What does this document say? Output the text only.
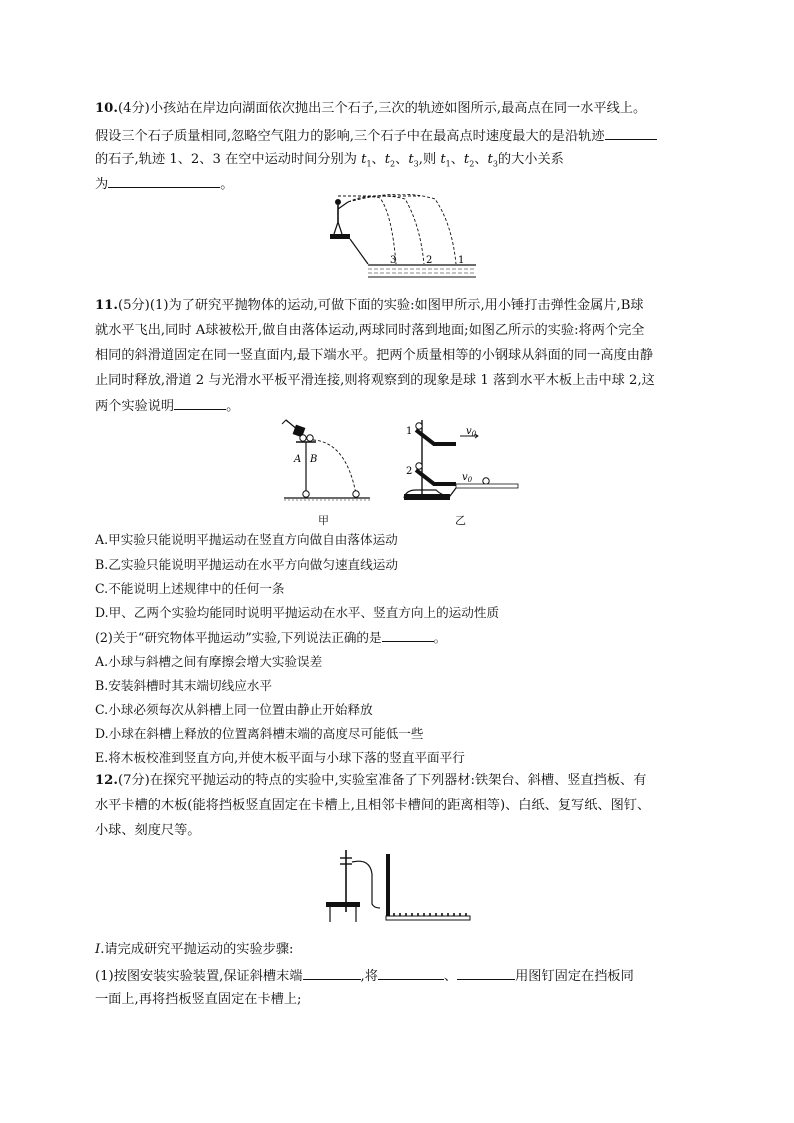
10.(4分)小孩站在岸边向湖面依次抛出三个石子,三次的轨迹如图所示,最高点在同一水平线上。
假设三个石子质量相同,忽略空气阻力的影响,三个石子中在最高点时速度最大的是沿轨迹
的石子,轨迹 1、2、3 在空中运动时间分别为 $t_1$、$t_2$、$t_3$,则 $t_1$、$t_2$、$t_3$的大小关系
为	。
3	2	1
11.(5分)(1)为了研究平抛物体的运动,可做下面的实验:如图甲所示,用小锤打击弹性金属片,B球
就水平飞出,同时 A球被松开,做自由落体运动,两球同时落到地面;如图乙所示的实验:将两个完全
相同的斜滑道固定在同一竖直面内,最下端水平。把两个质量相等的小钢球从斜面的同一高度由静
止同时释放,滑道 2 与光滑水平板平滑连接,则将观察到的现象是球 1 落到水平木板上击中球 2,这
两个实验说明	。
A B
甲
1
2
$v_0$
$v_0$
乙
A.甲实验只能说明平抛运动在竖直方向做自由落体运动
B.乙实验只能说明平抛运动在水平方向做匀速直线运动
C.不能说明上述规律中的任何一条
D.甲、乙两个实验均能同时说明平抛运动在水平、竖直方向上的运动性质
(2)关于“研究物体平抛运动”实验,下列说法正确的是	。
A.小球与斜槽之间有摩擦会增大实验误差
B.安装斜槽时其末端切线应水平
C.小球必须每次从斜槽上同一位置由静止开始释放
D.小球在斜槽上释放的位置离斜槽末端的高度尽可能低一些
E.将木板校准到竖直方向,并使木板平面与小球下落的竖直平面平行
12.(7分)在探究平抛运动的特点的实验中,实验室准备了下列器材:铁架台、斜槽、竖直挡板、有
水平卡槽的木板(能将挡板竖直固定在卡槽上,且相邻卡槽间的距离相等)、白纸、复写纸、图钉、
小球、刻度尺等。
Ⅰ.请完成研究平抛运动的实验步骤:
(1)按图安装实验装置,保证斜槽末端	,将	、	用图钉固定在挡板同
一面上,再将挡板竖直固定在卡槽上;
